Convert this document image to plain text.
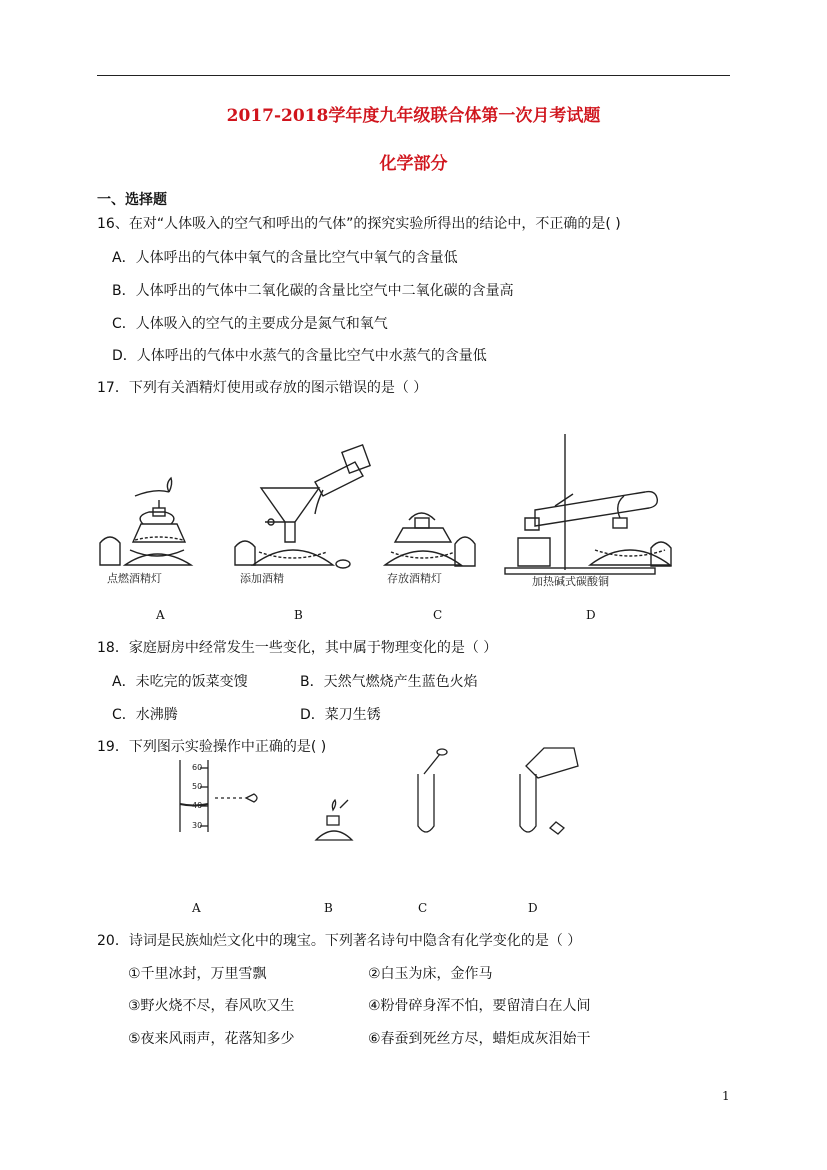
2017-2018学年度九年级联合体第一次月考试题
化学部分
一、选择题
16、在对“人体吸入的空气和呼出的气体”的探究实验所得出的结论中，不正确的是( )
A．人体呼出的气体中氧气的含量比空气中氧气的含量低
B．人体呼出的气体中二氧化碳的含量比空气中二氧化碳的含量高
C．人体吸入的空气的主要成分是氮气和氧气
D．人体呼出的气体中水蒸气的含量比空气中水蒸气的含量低
17．下列有关酒精灯使用或存放的图示错误的是（ ）
点燃酒精灯	添加酒精	存放酒精灯	加热碱式碳酸铜
A	B	C	D
18．家庭厨房中经常发生一些变化，其中属于物理变化的是（ ）
A．未吃完的饭菜变馊	B．天然气燃烧产生蓝色火焰
C．水沸腾	D．菜刀生锈
19．下列图示实验操作中正确的是( )
60
50
40
30
A	B	C	D
20．诗词是民族灿烂文化中的瑰宝。下列著名诗句中隐含有化学变化的是（ ）
①千里冰封，万里雪飘	②白玉为床，金作马
③野火烧不尽，春风吹又生	④粉骨碎身浑不怕，要留清白在人间
⑤夜来风雨声，花落知多少	⑥春蚕到死丝方尽，蜡炬成灰泪始干
1
